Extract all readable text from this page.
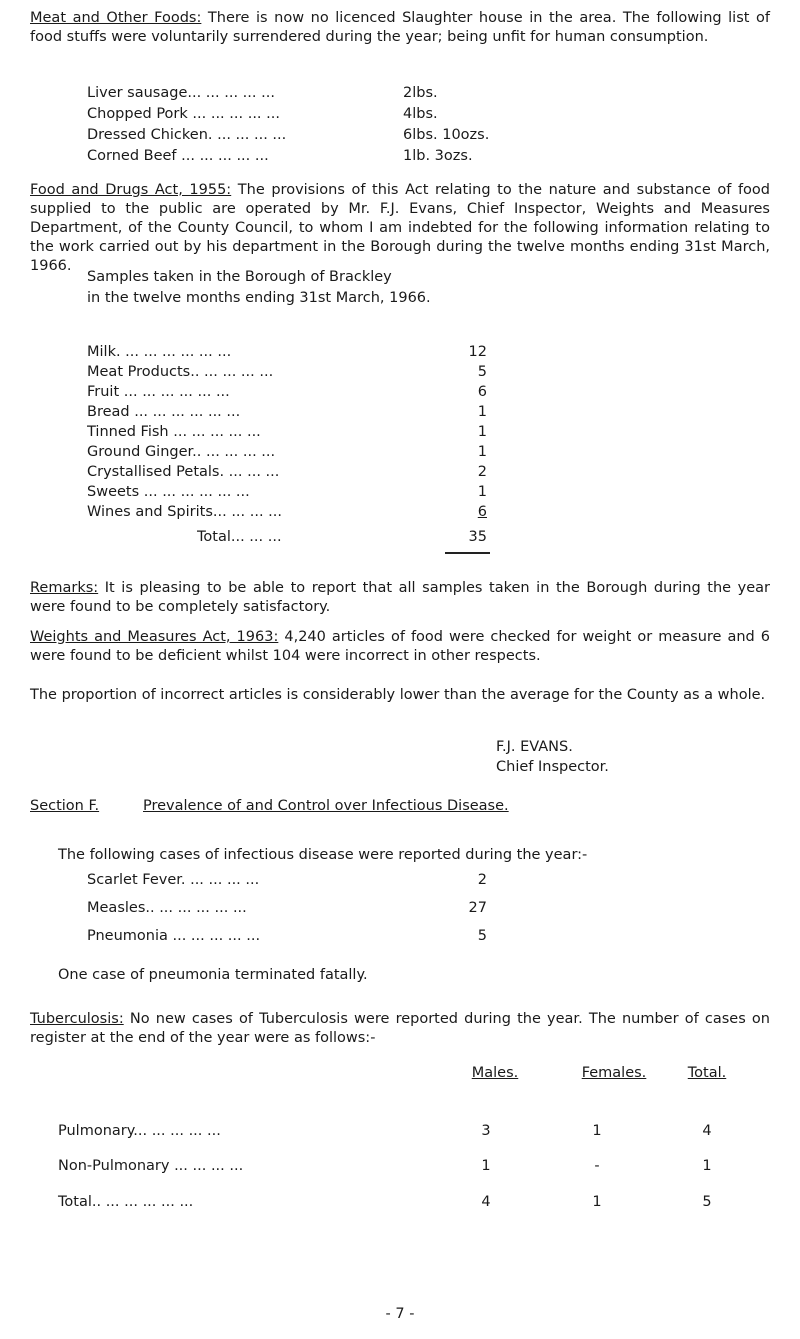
Meat and Other Foods: There is now no licenced Slaughter house in the area. The following list of food stuffs were voluntarily surrendered during the year; being unfit for human consumption.

Liver sausage... ... ... ... ...	2lbs.
Chopped Pork ... ... ... ... ...	4lbs.
Dressed Chicken. ... ... ... ...	6lbs. 10ozs.
Corned Beef ... ... ... ... ...	1lb. 3ozs.

Food and Drugs Act, 1955: The provisions of this Act relating to the nature and substance of food supplied to the public are operated by Mr. F.J. Evans, Chief Inspector, Weights and Measures Department, of the County Council, to whom I am indebted for the following information relating to the work carried out by his department in the Borough during the twelve months ending 31st March, 1966.

Samples taken in the Borough of Brackley
in the twelve months ending 31st March, 1966.
Milk. ... ... ... ... ... ...	12
Meat Products.. ... ... ... ...	5
Fruit ... ... ... ... ... ...	6
Bread ... ... ... ... ... ...	1
Tinned Fish ... ... ... ... ...	1
Ground Ginger.. ... ... ... ...	1
Crystallised Petals. ... ... ...	2
Sweets ... ... ... ... ... ...	1
Wines and Spirits... ... ... ...	6
Total... ... ...	35

Remarks: It is pleasing to be able to report that all samples taken in the Borough during the year were found to be completely satisfactory.

Weights and Measures Act, 1963: 4,240 articles of food were checked for weight or measure and 6 were found to be deficient whilst 104 were incorrect in other respects.

The proportion of incorrect articles is considerably lower than the average for the County as a whole.

F.J. EVANS.
Chief Inspector.
Section F.	Prevalence of and Control over Infectious Disease.
The following cases of infectious disease were reported during the year:-
Scarlet Fever. ... ... ... ...	2
Measles.. ... ... ... ... ...	27
Pneumonia ... ... ... ... ...	5
One case of pneumonia terminated fatally.

Tuberculosis: No new cases of Tuberculosis were reported during the year. The number of cases on register at the end of the year were as follows:-

Males.	Females.	Total.
Pulmonary... ... ... ... ...	3	1	4
Non-Pulmonary ... ... ... ...	1	-	1
Total.. ... ... ... ... ...	4	1	5
- 7 -
